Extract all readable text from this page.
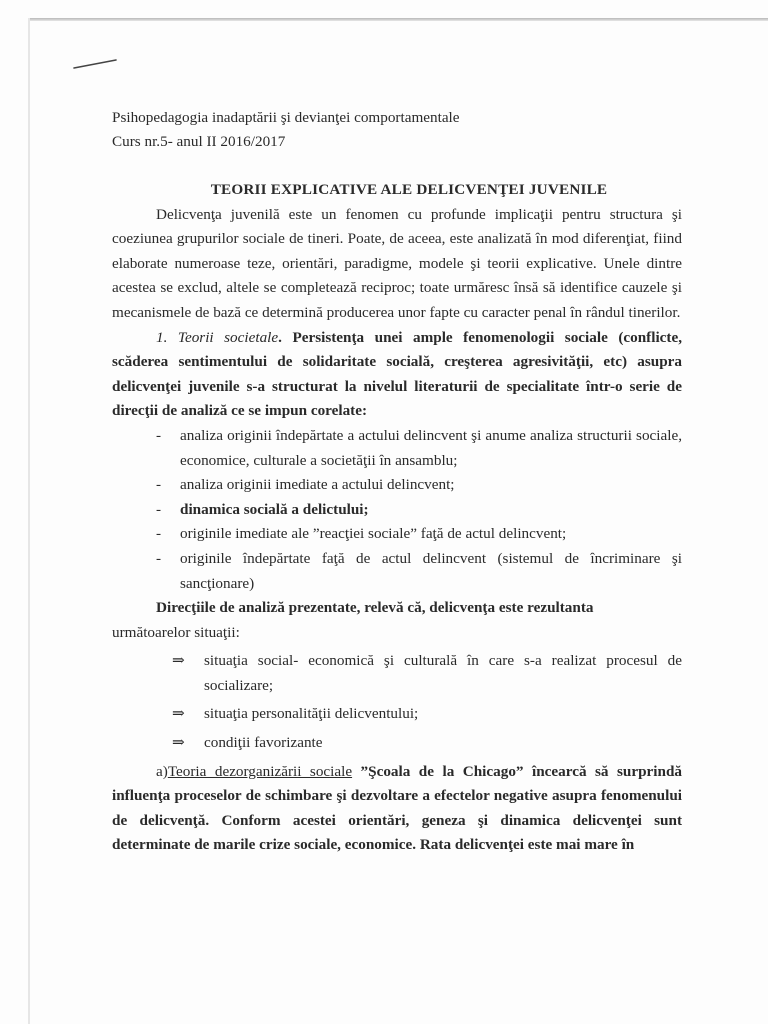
Psihopedagogia inadaptării şi devianţei comportamentale

Curs nr.5- anul II 2016/2017

TEORII EXPLICATIVE ALE DELICVENŢEI JUVENILE

Delicvenţa juvenilă este un fenomen cu profunde implicaţii pentru structura şi coeziunea grupurilor sociale de tineri. Poate, de aceea, este analizată în mod diferenţiat, fiind elaborate numeroase teze, orientări, paradigme, modele şi teorii explicative. Unele dintre acestea se exclud, altele se completează reciproc; toate urmăresc însă să identifice cauzele şi mecanismele de bază ce determină producerea unor fapte cu caracter penal în rândul tinerilor.

1. Teorii societale. Persistenţa unei ample fenomenologii sociale (conflicte, scăderea sentimentului de solidaritate socială, creşterea agresivităţii, etc) asupra delicvenţei juvenile s-a structurat la nivelul literaturii de specialitate într-o serie de direcţii de analiză ce se impun corelate:

- analiza originii îndepărtate a actului delincvent şi anume analiza structurii sociale, economice, culturale a societăţii în ansamblu;
- analiza originii imediate a actului delincvent;
- dinamica socială a delictului;
- originile imediate ale ”reacţiei sociale” faţă de actul delincvent;
- originile îndepărtate faţă de actul delincvent (sistemul de încriminare şi sancţionare)

Direcţiile de analiză prezentate, relevă că, delicvenţa este rezultanta

următoarelor situaţii:

⇒ situaţia social- economică şi culturală în care s-a realizat procesul de socializare;
⇒ situaţia personalităţii delicventului;
⇒ condiţii favorizante

a)Teoria dezorganizării sociale ”Şcoala de la Chicago” încearcă să surprindă influenţa proceselor de schimbare şi dezvoltare a efectelor negative asupra fenomenului de delicvenţă. Conform acestei orientări, geneza şi dinamica delicvenţei sunt determinate de marile crize sociale, economice. Rata delicvenţei este mai mare în
